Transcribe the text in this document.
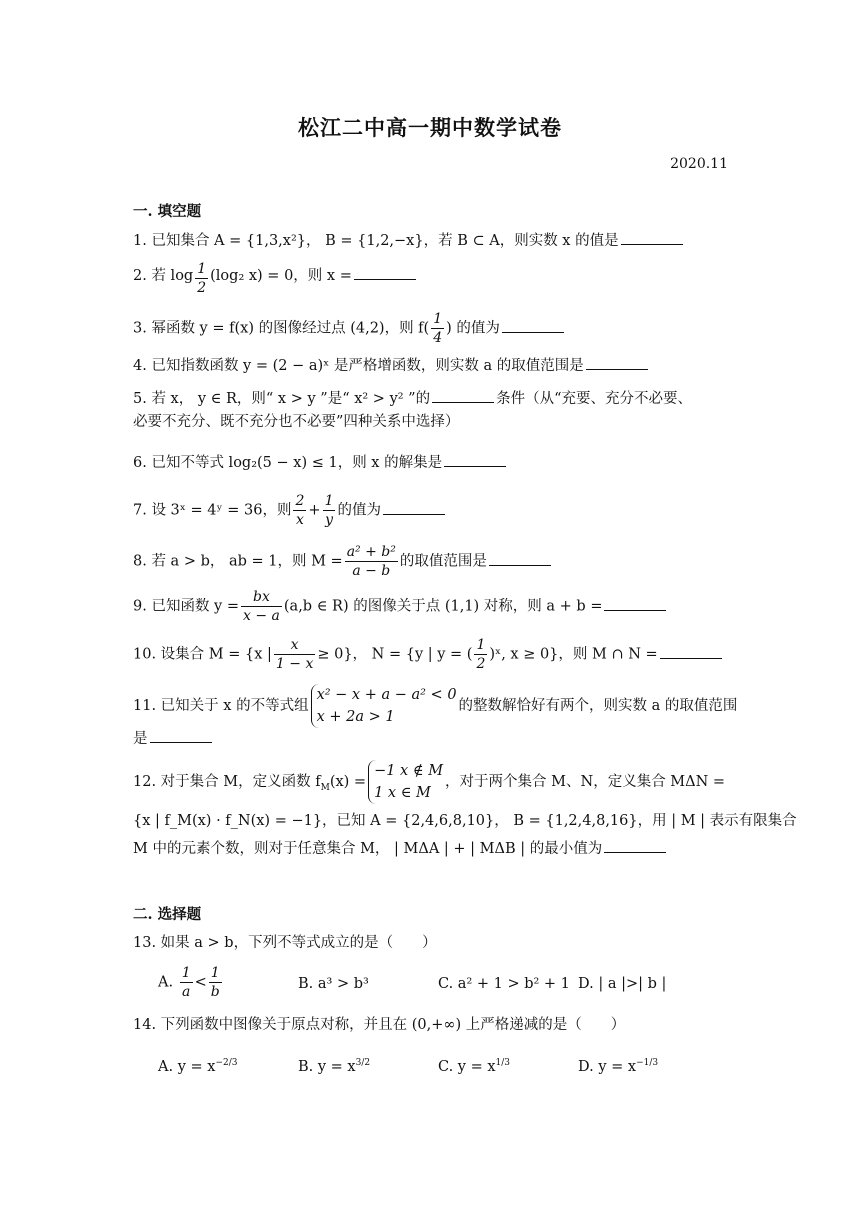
松江二中高一期中数学试卷
2020.11
一. 填空题
1. 已知集合 A = {1,3,x²}， B = {1,2,−x}，若 B ⊂ A，则实数 x 的值是
2. 若 $\log \frac{1}{2} (\log_2$ x) = 0，则 x =
3. 幂函数 y = f(x) 的图像经过点 (4,2)，则 $f( \frac{1}{4}$ ) 的值为
4. 已知指数函数 y = (2 − a)ˣ 是严格增函数，则实数 a 的取值范围是
5. 若 x， y ∈ R，则“ x > y ”是“ x² > y² ”的	条件（从“充要、充分不必要、
必要不充分、既不充分也不必要”四种关系中选择）
6. 已知不等式 log₂(5 − x) ≤ 1，则 x 的解集是
7. 设 3ˣ = 4ʸ = 36，则 $\frac{2}{x} + \frac{1}{y}$ 的值为
8. 若 a > b， ab = 1，则 $M = \frac{\text{a² + b²}}{a - b}$ 的取值范围是
9. 已知函数 $y = \frac{bx}{x - a} (a,b$ ∈ R) 的图像关于点 (1,1) 对称，则 a + b =
10. 设集合 M = {x | $\frac{x}{1 - x} \ge 0$}， N = {y | y = ( $\frac{1}{2}$ )ˣ, x ≥ 0}，则 M ∩ N =
11. 已知关于 x 的不等式组x² − x + a − a² < 0
x + 2a > 1的整数解恰好有两个，则实数 a 的取值范围
是
12. 对于集合 M，定义函数 $f_M(x) =-1$ x ∉ M
1 x ∈ M，对于两个集合 M、N，定义集合 MΔN =
{x | f_M(x) · f_N(x) = −1}，已知 A = {2,4,6,8,10}， B = {1,2,4,8,16}，用 | M | 表示有限集合
M 中的元素个数，则对于任意集合 M， | MΔA | + | MΔB | 的最小值为
二. 选择题
13. 如果 a > b，下列不等式成立的是（　　）
A. $\frac{1}{a} < \frac{1}{b}$	B. a³ > b³	C. a² + 1 > b² + 1 D. | a |>| b |
14. 下列函数中图像关于原点对称，并且在 (0,+∞) 上严格递减的是（　　）
A. $y = x^{-2/3}$	B. $y = x^{3/2}$	C. $y = x^{1/3}$	D. $y = x^{-1/3}$
